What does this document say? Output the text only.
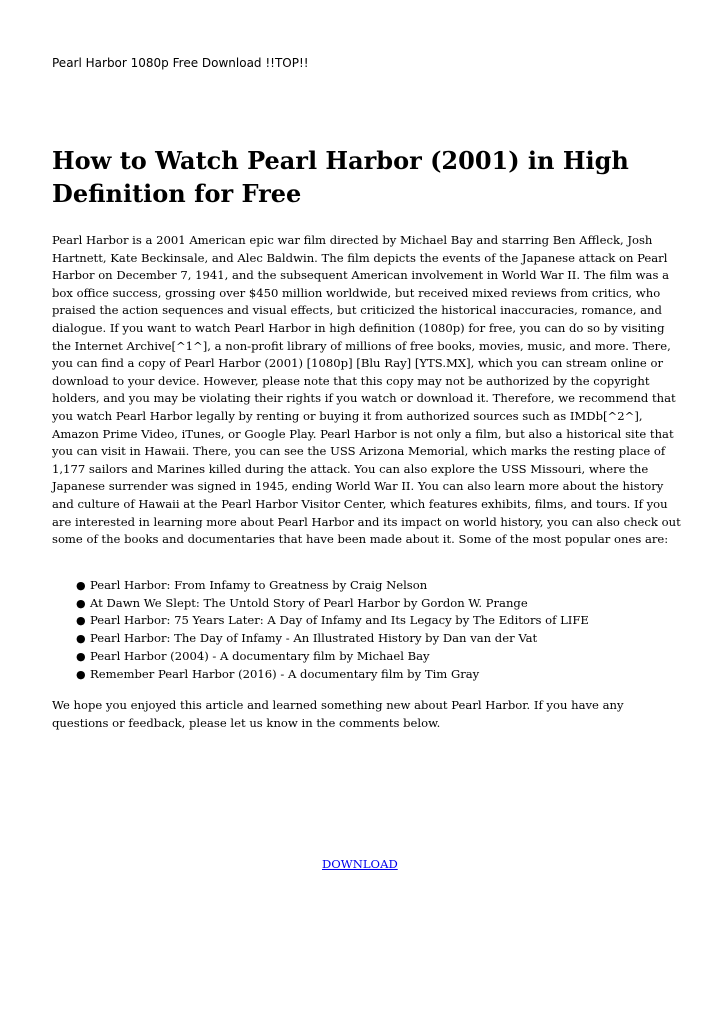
Pearl Harbor 1080p Free Download !!TOP!!
How to Watch Pearl Harbor (2001) in High Definition for Free

Pearl Harbor is a 2001 American epic war film directed by Michael Bay and starring Ben Affleck, Josh Hartnett, Kate Beckinsale, and Alec Baldwin. The film depicts the events of the Japanese attack on Pearl Harbor on December 7, 1941, and the subsequent American involvement in World War II. The film was a box office success, grossing over $450 million worldwide, but received mixed reviews from critics, who praised the action sequences and visual effects, but criticized the historical inaccuracies, romance, and dialogue. If you want to watch Pearl Harbor in high definition (1080p) for free, you can do so by visiting the Internet Archive[^1^], a non-profit library of millions of free books, movies, music, and more. There, you can find a copy of Pearl Harbor (2001) [1080p] [Blu Ray] [YTS.MX], which you can stream online or download to your device. However, please note that this copy may not be authorized by the copyright holders, and you may be violating their rights if you watch or download it. Therefore, we recommend that you watch Pearl Harbor legally by renting or buying it from authorized sources such as IMDb[^2^], Amazon Prime Video, iTunes, or Google Play. Pearl Harbor is not only a film, but also a historical site that you can visit in Hawaii. There, you can see the USS Arizona Memorial, which marks the resting place of 1,177 sailors and Marines killed during the attack. You can also explore the USS Missouri, where the Japanese surrender was signed in 1945, ending World War II. You can also learn more about the history and culture of Hawaii at the Pearl Harbor Visitor Center, which features exhibits, films, and tours. If you are interested in learning more about Pearl Harbor and its impact on world history, you can also check out some of the books and documentaries that have been made about it. Some of the most popular ones are:

● Pearl Harbor: From Infamy to Greatness by Craig Nelson
● At Dawn We Slept: The Untold Story of Pearl Harbor by Gordon W. Prange
● Pearl Harbor: 75 Years Later: A Day of Infamy and Its Legacy by The Editors of LIFE
● Pearl Harbor: The Day of Infamy - An Illustrated History by Dan van der Vat
● Pearl Harbor (2004) - A documentary film by Michael Bay
● Remember Pearl Harbor (2016) - A documentary film by Tim Gray

We hope you enjoyed this article and learned something new about Pearl Harbor. If you have any questions or feedback, please let us know in the comments below.

DOWNLOAD
